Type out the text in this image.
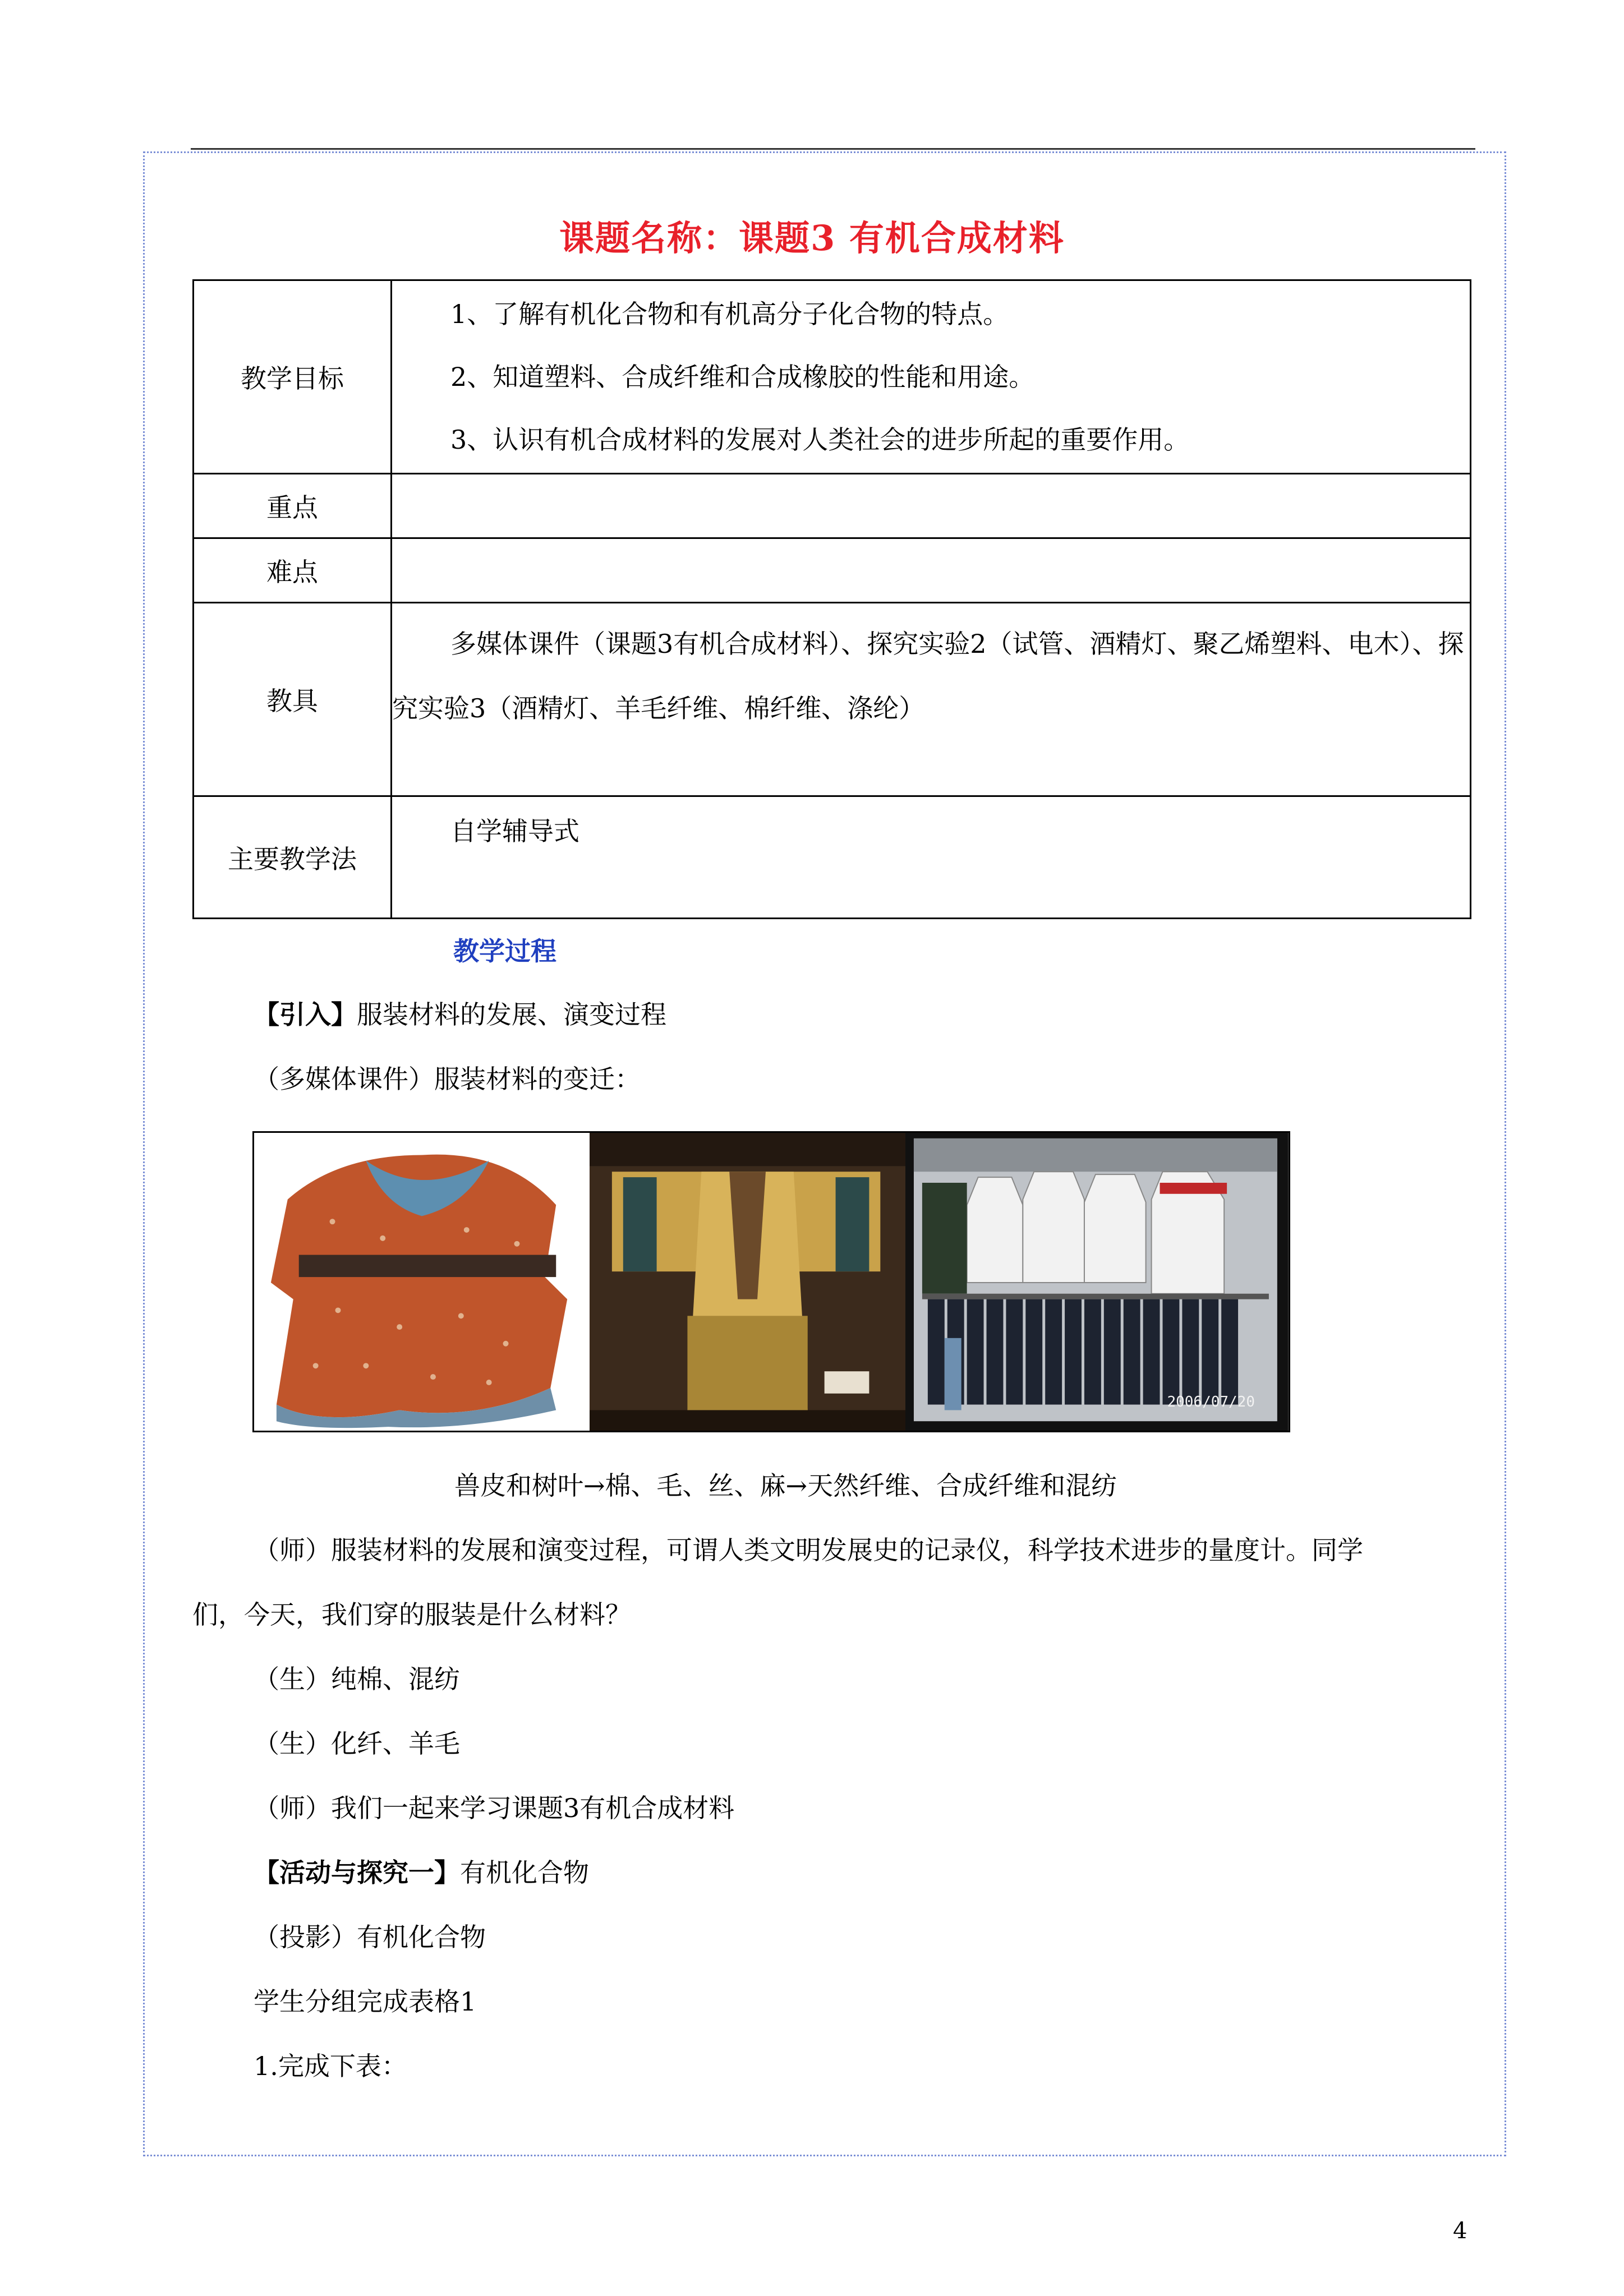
课题名称：课题3 有机合成材料
教学目标	1、了解有机化合物和有机高分子化合物的特点。
2、知道塑料、合成纤维和合成橡胶的性能和用途。
3、认识有机合成材料的发展对人类社会的进步所起的重要作用。

重点	
难点	
教具	多媒体课件（课题3有机合成材料）、探究实验2（试管、酒精灯、聚乙烯塑料、电木）、探究实验3（酒精灯、羊毛纤维、棉纤维、涤纶）

主要教学法	自学辅导式
教学过程
【引入】服装材料的发展、演变过程
（多媒体课件）服装材料的变迁：
2006/07/20
兽皮和树叶→棉、毛、丝、麻→天然纤维、合成纤维和混纺
（师）服装材料的发展和演变过程，可谓人类文明发展史的记录仪，科学技术进步的量度计。同学
们，今天，我们穿的服装是什么材料？
（生）纯棉、混纺
（生）化纤、羊毛
（师）我们一起来学习课题3有机合成材料
【活动与探究一】有机化合物
（投影）有机化合物
学生分组完成表格1
1.完成下表：
4
